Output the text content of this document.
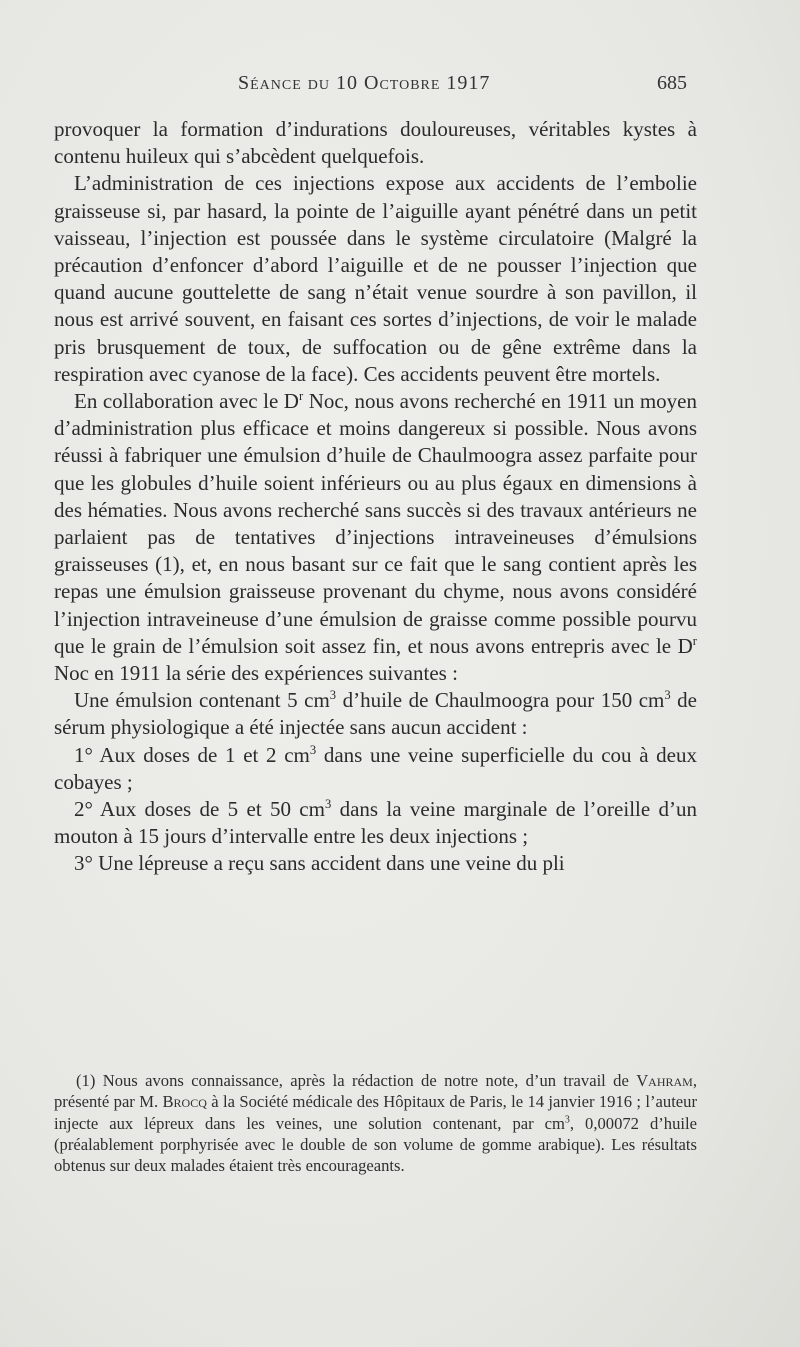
Séance du 10 Octobre 1917	685

provoquer la formation d’indurations douloureuses, véritables kystes à contenu huileux qui s’abcèdent quelquefois.

L’administration de ces injections expose aux accidents de l’embolie graisseuse si, par hasard, la pointe de l’aiguille ayant pénétré dans un petit vaisseau, l’injection est poussée dans le système circulatoire (Malgré la précaution d’enfoncer d’abord l’aiguille et de ne pousser l’injection que quand aucune gouttelette de sang n’était venue sourdre à son pavillon, il nous est arrivé souvent, en faisant ces sortes d’injections, de voir le malade pris brusquement de toux, de suffocation ou de gêne extrême dans la respiration avec cyanose de la face). Ces accidents peuvent être mortels.

En collaboration avec le $D^r$ Noc, nous avons recherché en 1911 un moyen d’administration plus efficace et moins dangereux si possible. Nous avons réussi à fabriquer une émulsion d’huile de Chaulmoogra assez parfaite pour que les globules d’huile soient inférieurs ou au plus égaux en dimensions à des hématies. Nous avons recherché sans succès si des travaux antérieurs ne parlaient pas de tentatives d’injections intraveineuses d’émulsions graisseuses (1), et, en nous basant sur ce fait que le sang contient après les repas une émulsion graisseuse provenant du chyme, nous avons considéré l’injection intraveineuse d’une émulsion de graisse comme possible pourvu que le grain de l’émulsion soit assez fin, et nous avons entrepris avec le $D^r$ Noc en 1911 la série des expériences suivantes :

Une émulsion contenant 5 $cm^3$ d’huile de Chaulmoogra pour 150 $cm^3$ de sérum physiologique a été injectée sans aucun accident :

1° Aux doses de 1 et 2 $cm^3$ dans une veine superficielle du cou à deux cobayes ;

2° Aux doses de 5 et 50 $cm^3$ dans la veine marginale de l’oreille d’un mouton à 15 jours d’intervalle entre les deux injections ;

3° Une lépreuse a reçu sans accident dans une veine du pli

(1) Nous avons connaissance, après la rédaction de notre note, d’un travail de Vahram, présenté par M. Brocq à la Société médicale des Hôpitaux de Paris, le 14 janvier 1916 ; l’auteur injecte aux lépreux dans les veines, une solution contenant, par $cm^3$, 0,00072 d’huile (préalablement porphyrisée avec le double de son volume de gomme arabique). Les résultats obtenus sur deux malades étaient très encourageants.
